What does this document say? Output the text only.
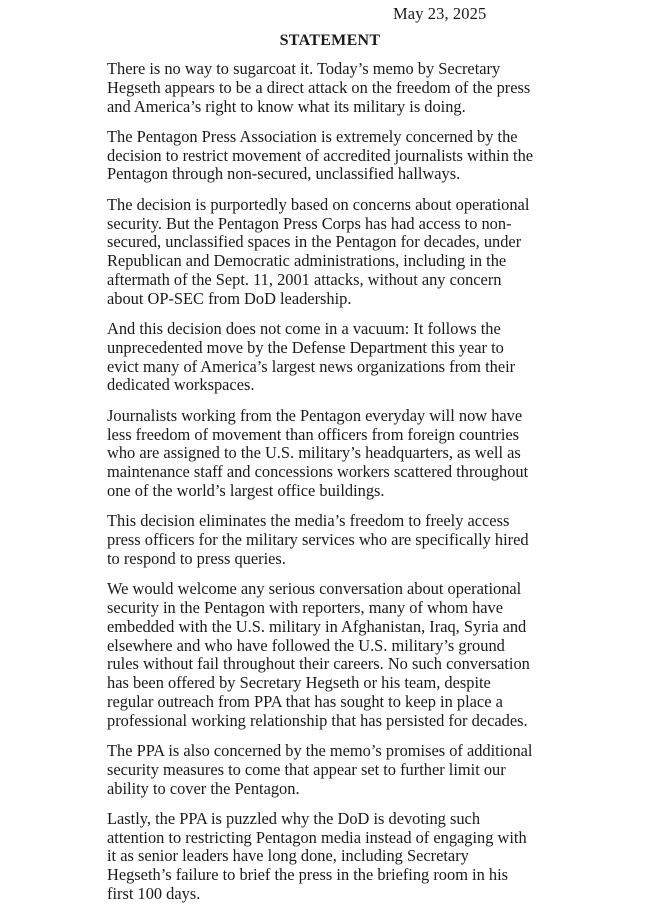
May 23, 2025
STATEMENT

There is no way to sugarcoat it. Today’s memo by Secretary
Hegseth appears to be a direct attack on the freedom of the press
and America’s right to know what its military is doing.

The Pentagon Press Association is extremely concerned by the
decision to restrict movement of accredited journalists within the
Pentagon through non-secured, unclassified hallways.

The decision is purportedly based on concerns about operational
security. But the Pentagon Press Corps has had access to non-
secured, unclassified spaces in the Pentagon for decades, under
Republican and Democratic administrations, including in the
aftermath of the Sept. 11, 2001 attacks, without any concern
about OP-SEC from DoD leadership.

And this decision does not come in a vacuum: It follows the
unprecedented move by the Defense Department this year to
evict many of America’s largest news organizations from their
dedicated workspaces.

Journalists working from the Pentagon everyday will now have
less freedom of movement than officers from foreign countries
who are assigned to the U.S. military’s headquarters, as well as
maintenance staff and concessions workers scattered throughout
one of the world’s largest office buildings.

This decision eliminates the media’s freedom to freely access
press officers for the military services who are specifically hired
to respond to press queries.

We would welcome any serious conversation about operational
security in the Pentagon with reporters, many of whom have
embedded with the U.S. military in Afghanistan, Iraq, Syria and
elsewhere and who have followed the U.S. military’s ground
rules without fail throughout their careers. No such conversation
has been offered by Secretary Hegseth or his team, despite
regular outreach from PPA that has sought to keep in place a
professional working relationship that has persisted for decades.

The PPA is also concerned by the memo’s promises of additional
security measures to come that appear set to further limit our
ability to cover the Pentagon.

Lastly, the PPA is puzzled why the DoD is devoting such
attention to restricting Pentagon media instead of engaging with
it as senior leaders have long done, including Secretary
Hegseth’s failure to brief the press in the briefing room in his
first 100 days.
